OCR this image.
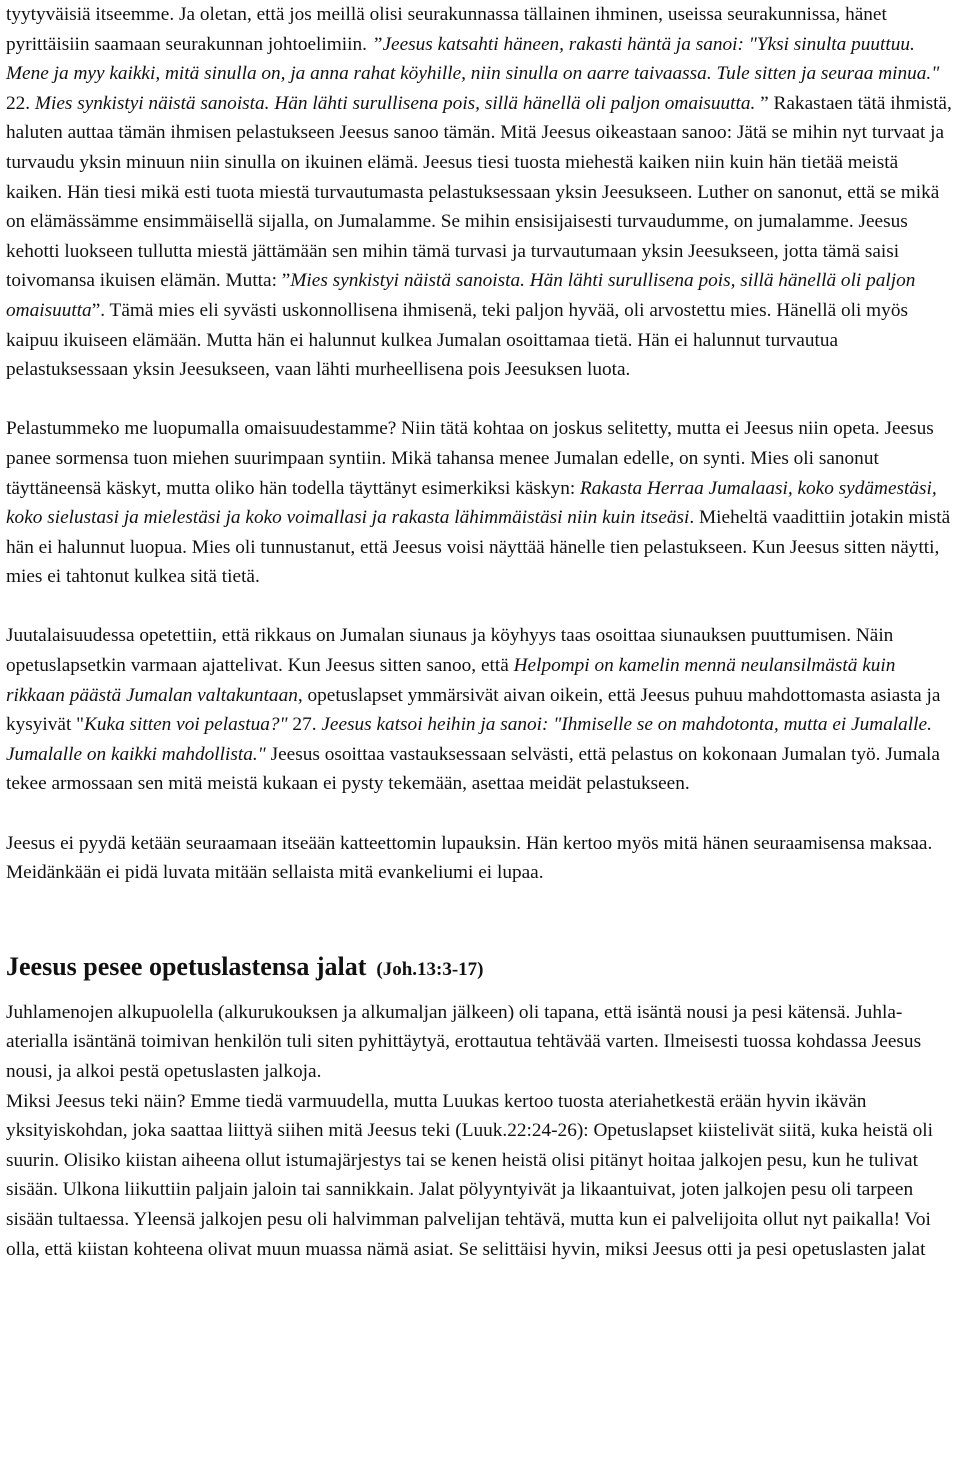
tyytyväisiä itseemme. Ja oletan, että jos meillä olisi seurakunnassa tällainen ihminen, useissa seurakunnissa, hänet pyrittäisiin saamaan seurakunnan johtoelimiin. ”Jeesus katsahti häneen, rakasti häntä ja sanoi: "Yksi sinulta puuttuu. Mene ja myy kaikki, mitä sinulla on, ja anna rahat köyhille, niin sinulla on aarre taivaassa. Tule sitten ja seuraa minua." 22. Mies synkistyi näistä sanoista. Hän lähti surullisena pois, sillä hänellä oli paljon omaisuutta. ” Rakastaen tätä ihmistä, haluten auttaa tämän ihmisen pelastukseen Jeesus sanoo tämän. Mitä Jeesus oikeastaan sanoo: Jätä se mihin nyt turvaat ja turvaudu yksin minuun niin sinulla on ikuinen elämä. Jeesus tiesi tuosta miehestä kaiken niin kuin hän tietää meistä kaiken. Hän tiesi mikä esti tuota miestä turvautumasta pelastuksessaan yksin Jeesukseen. Luther on sanonut, että se mikä on elämässämme ensimmäisellä sijalla, on Jumalamme. Se mihin ensisijaisesti turvaudumme, on jumalamme. Jeesus kehotti luokseen tullutta miestä jättämään sen mihin tämä turvasi ja turvautumaan yksin Jeesukseen, jotta tämä saisi toivomansa ikuisen elämän. Mutta: ”Mies synkistyi näistä sanoista. Hän lähti surullisena pois, sillä hänellä oli paljon omaisuutta”. Tämä mies eli syvästi uskonnollisena ihmisenä, teki paljon hyvää, oli arvostettu mies. Hänellä oli myös kaipuu ikuiseen elämään. Mutta hän ei halunnut kulkea Jumalan osoittamaa tietä. Hän ei halunnut turvautua pelastuksessaan yksin Jeesukseen, vaan lähti murheellisena pois Jeesuksen luota.

Pelastummeko me luopumalla omaisuudestamme? Niin tätä kohtaa on joskus selitetty, mutta ei Jeesus niin opeta. Jeesus panee sormensa tuon miehen suurimpaan syntiin. Mikä tahansa menee Jumalan edelle, on synti. Mies oli sanonut täyttäneensä käskyt, mutta oliko hän todella täyttänyt esimerkiksi käskyn: Rakasta Herraa Jumalaasi, koko sydämestäsi, koko sielustasi ja mielestäsi ja koko voimallasi ja rakasta lähimmäistäsi niin kuin itseäsi. Mieheltä vaadittiin jotakin mistä hän ei halunnut luopua. Mies oli tunnustanut, että Jeesus voisi näyttää hänelle tien pelastukseen. Kun Jeesus sitten näytti, mies ei tahtonut kulkea sitä tietä.

Juutalaisuudessa opetettiin, että rikkaus on Jumalan siunaus ja köyhyys taas osoittaa siunauksen puuttumisen. Näin opetuslapsetkin varmaan ajattelivat. Kun Jeesus sitten sanoo, että Helpompi on kamelin mennä neulansilmästä kuin rikkaan päästä Jumalan valtakuntaan, opetuslapset ymmärsivät aivan oikein, että Jeesus puhuu mahdottomasta asiasta ja kysyivät "Kuka sitten voi pelastua?" 27. Jeesus katsoi heihin ja sanoi: "Ihmiselle se on mahdotonta, mutta ei Jumalalle. Jumalalle on kaikki mahdollista." Jeesus osoittaa vastauksessaan selvästi, että pelastus on kokonaan Jumalan työ. Jumala tekee armossaan sen mitä meistä kukaan ei pysty tekemään, asettaa meidät pelastukseen.

Jeesus ei pyydä ketään seuraamaan itseään katteettomin lupauksin. Hän kertoo myös mitä hänen seuraamisensa maksaa. Meidänkään ei pidä luvata mitään sellaista mitä evankeliumi ei lupaa.

Jeesus pesee opetuslastensa jalat (Joh.13:3-17)

Juhlamenojen alkupuolella (alkurukouksen ja alkumaljan jälkeen) oli tapana, että isäntä nousi ja pesi kätensä. Juhla-aterialla isäntänä toimivan henkilön tuli siten pyhittäytyä, erottautua tehtävää varten. Ilmeisesti tuossa kohdassa Jeesus nousi, ja alkoi pestä opetuslasten jalkoja.

Miksi Jeesus teki näin? Emme tiedä varmuudella, mutta Luukas kertoo tuosta ateriahetkestä erään hyvin ikävän yksityiskohdan, joka saattaa liittyä siihen mitä Jeesus teki (Luuk.22:24-26): Opetuslapset kiistelivät siitä, kuka heistä oli suurin. Olisiko kiistan aiheena ollut istumajärjestys tai se kenen heistä olisi pitänyt hoitaa jalkojen pesu, kun he tulivat sisään. Ulkona liikuttiin paljain jaloin tai sannikkain. Jalat pölyyntyivät ja likaantuivat, joten jalkojen pesu oli tarpeen sisään tultaessa. Yleensä jalkojen pesu oli halvimman palvelijan tehtävä, mutta kun ei palvelijoita ollut nyt paikalla! Voi olla, että kiistan kohteena olivat muun muassa nämä asiat. Se selittäisi hyvin, miksi Jeesus otti ja pesi opetuslasten jalat
